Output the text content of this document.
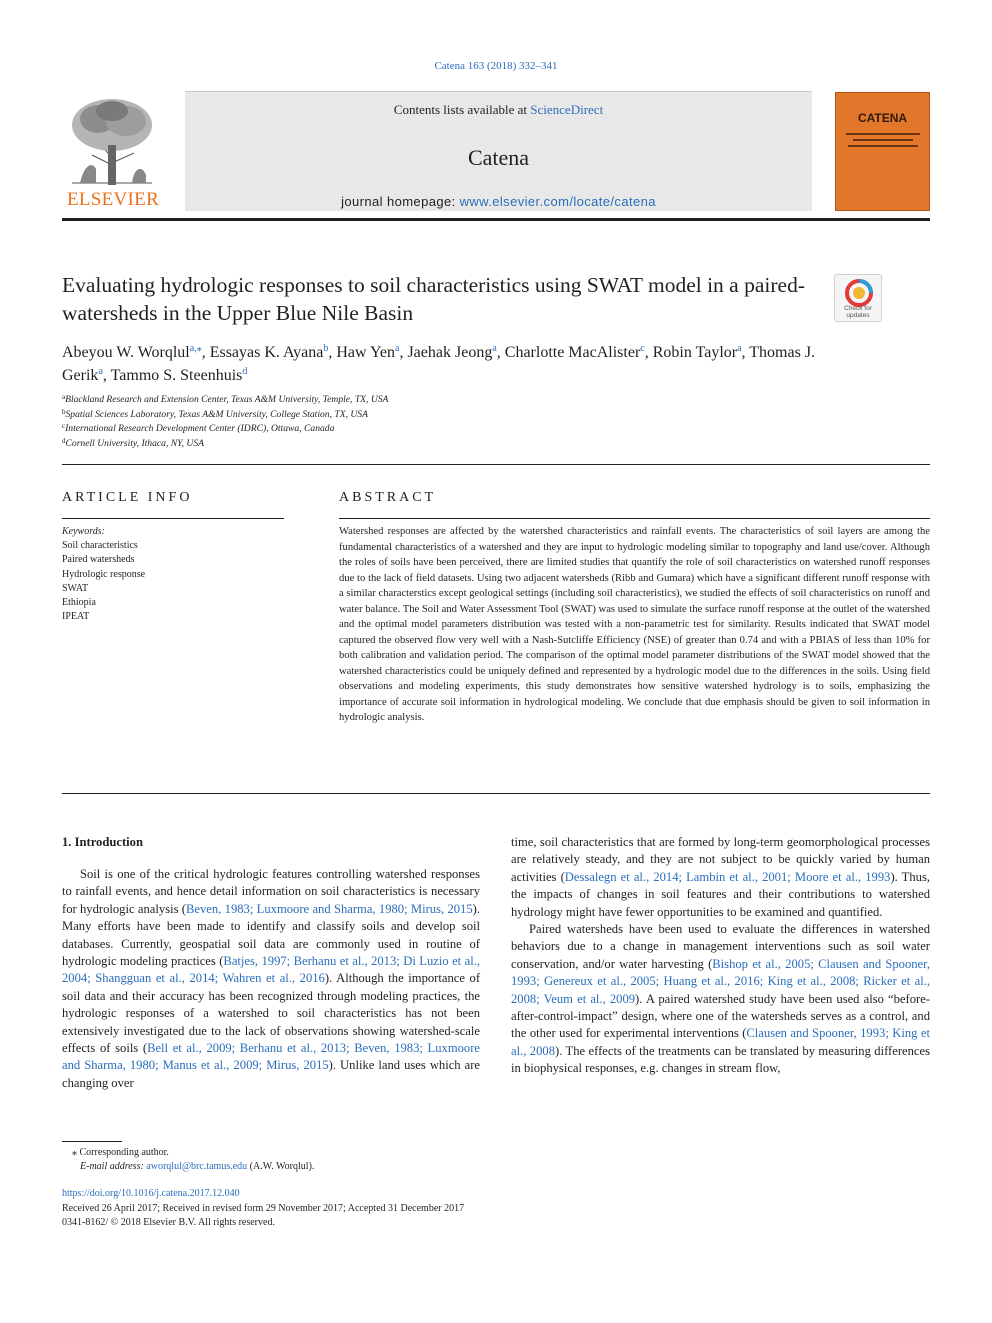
Catena 163 (2018) 332–341
ELSEVIER
Contents lists available at ScienceDirect
Catena
journal homepage: www.elsevier.com/locate/catena
CATENA
Evaluating hydrologic responses to soil characteristics using SWAT model in a paired-watersheds in the Upper Blue Nile Basin	Check for updates
Abeyou W. Worqlul$^{a,⁎}$, Essayas K. Ayana$^b$, Haw Yen$^a$, Jaehak Jeong$^a$, Charlotte MacAlister$^c$, Robin Taylor$^a$, Thomas J. Gerik$^a$, Tammo S. Steenhuis$^d$
$^a$Blackland Research and Extension Center, Texas A&M University, Temple, TX, USA
$^b$Spatial Sciences Laboratory, Texas A&M University, College Station, TX, USA
$^c$International Research Development Center (IDRC), Ottawa, Canada
$^d$Cornell University, Ithaca, NY, USA
ARTICLE INFO
Keywords:
Soil characteristics
Paired watersheds
Hydrologic response
SWAT
Ethiopia
IPEAT
ABSTRACT
Watershed responses are affected by the watershed characteristics and rainfall events. The characteristics of soil layers are among the fundamental characteristics of a watershed and they are input to hydrologic modeling similar to topography and land use/cover. Although the roles of soils have been perceived, there are limited studies that quantify the role of soil characteristics on watershed runoff responses due to the lack of field datasets. Using two adjacent watersheds (Ribb and Gumara) which have a significant different runoff response with a similar characterstics except geological settings (including soil characteristics), we studied the effects of soil characteristics on runoff and water balance. The Soil and Water Assessment Tool (SWAT) was used to simulate the surface runoff response at the outlet of the watershed and the optimal model parameters distribution was tested with a non-parametric test for similarity. Results indicated that SWAT model captured the observed flow very well with a Nash-Sutcliffe Efficiency (NSE) of greater than 0.74 and with a PBIAS of less than 10% for both calibration and validation period. The comparison of the optimal model parameter distributions of the SWAT model showed that the watershed characteristics could be uniquely defined and represented by a hydrologic model due to the differences in the soils. Using field observations and modeling experiments, this study demonstrates how sensitive watershed hydrology is to soils, emphasizing the importance of accurate soil information in hydrological modeling. We conclude that due emphasis should be given to soil information in hydrologic analysis.
1. Introduction

Soil is one of the critical hydrologic features controlling watershed responses to rainfall events, and hence detail information on soil characteristics is necessary for hydrologic analysis (Beven, 1983; Luxmoore and Sharma, 1980; Mirus, 2015). Many efforts have been made to identify and classify soils and develop soil databases. Currently, geospatial soil data are commonly used in routine of hydrologic modeling practices (Batjes, 1997; Berhanu et al., 2013; Di Luzio et al., 2004; Shangguan et al., 2014; Wahren et al., 2016). Although the importance of soil data and their accuracy has been recognized through modeling practices, the hydrologic responses of a watershed to soil characteristics has not been extensively investigated due to the lack of observations showing watershed-scale effects of soils (Bell et al., 2009; Berhanu et al., 2013; Beven, 1983; Luxmoore and Sharma, 1980; Manus et al., 2009; Mirus, 2015). Unlike land uses which are changing over

time, soil characteristics that are formed by long-term geomorphological processes are relatively steady, and they are not subject to be quickly varied by human activities (Dessalegn et al., 2014; Lambin et al., 2001; Moore et al., 1993). Thus, the impacts of changes in soil features and their contributions to watershed hydrology might have fewer opportunities to be examined and quantified.

Paired watersheds have been used to evaluate the differences in watershed behaviors due to a change in management interventions such as soil water conservation, and/or water harvesting (Bishop et al., 2005; Clausen and Spooner, 1993; Genereux et al., 2005; Huang et al., 2016; King et al., 2008; Ricker et al., 2008; Veum et al., 2009). A paired watershed study have been used also “before-after-control-impact” design, where one of the watersheds serves as a control, and the other used for experimental interventions (Clausen and Spooner, 1993; King et al., 2008). The effects of the treatments can be translated by measuring differences in biophysical responses, e.g. changes in stream flow,

⁎ Corresponding author.
E-mail address: aworqlul@brc.tamus.edu (A.W. Worqlul).
https://doi.org/10.1016/j.catena.2017.12.040
Received 26 April 2017; Received in revised form 29 November 2017; Accepted 31 December 2017
0341-8162/ © 2018 Elsevier B.V. All rights reserved.
